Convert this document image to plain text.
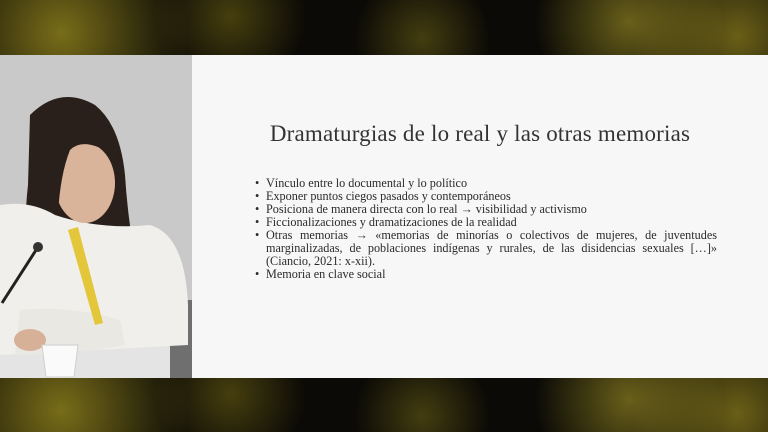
Dramaturgias de lo real y las otras memorias
• Vínculo entre lo documental y lo político
• Exponer puntos ciegos pasados y contemporáneos
• Posiciona de manera directa con lo real → visibilidad y activismo
• Ficcionalizaciones y dramatizaciones de la realidad
• Otras memorias → «memorias de minorías o colectivos de mujeres, de juventudes marginalizadas, de poblaciones indígenas y rurales, de las disidencias sexuales […]» (Ciancio, 2021: x-xii).
• Memoria en clave social
